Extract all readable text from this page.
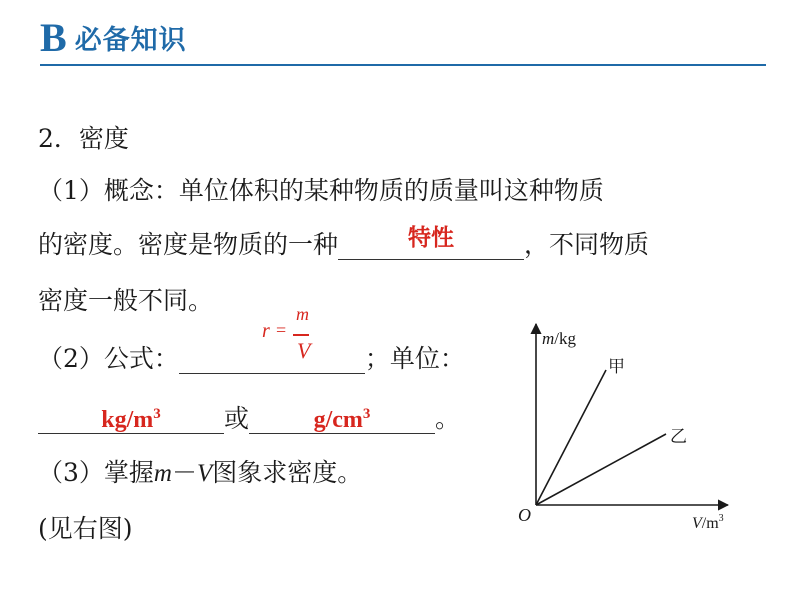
B 必备知识
2．密度
（1）概念：单位体积的某种物质的质量叫这种物质
的密度。密度是物质的一种	特性	，不同物质
密度一般不同。
（2）公式：	；单位：
r =
m
V
$kg/m^3$	或	$g/cm^3$	。
（3）掌握m－V图象求密度。
(见右图)
m/kg
$V/m^3$
O
甲
乙
